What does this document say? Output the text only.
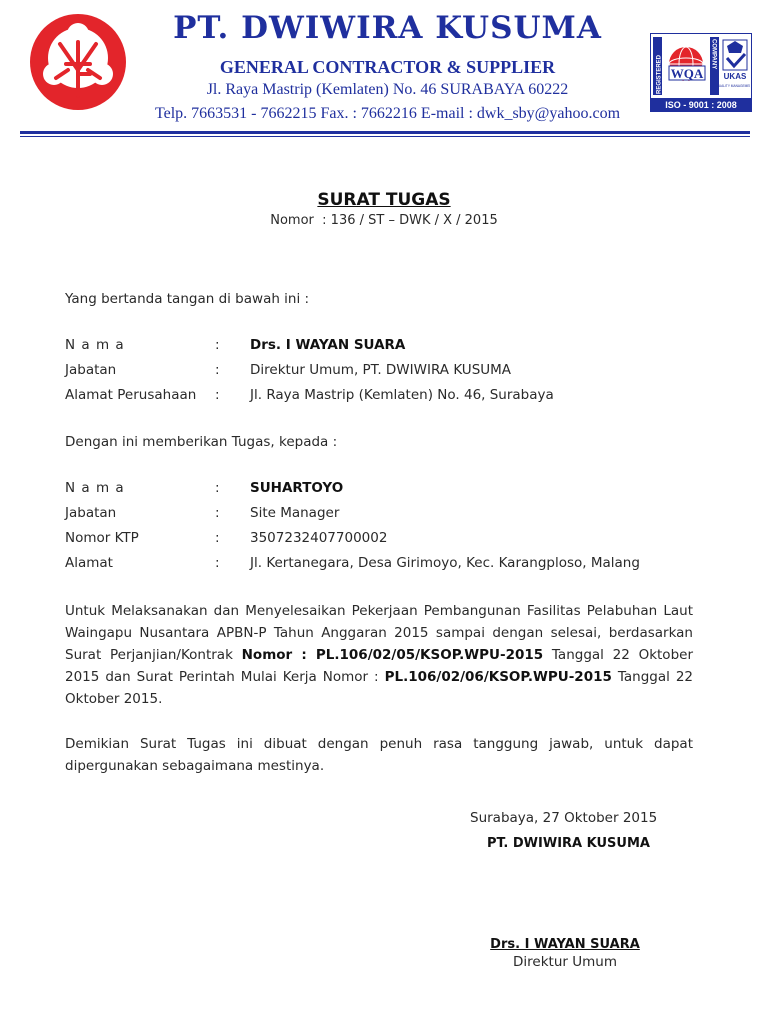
PT. DWIWIRA KUSUMA
GENERAL CONTRACTOR & SUPPLIER
Jl. Raya Mastrip (Kemlaten) No. 46 SURABAYA 60222
Telp. 7663531 - 7662215 Fax. : 7662216 E-mail : dwk_sby@yahoo.com
WQA	UKAS
QUALITY MANAGEMENT
REGISTERED
COMPANY
ISO - 9001 : 2008
SURAT TUGAS
Nomor  : 136 / ST – DWK / X / 2015
Yang bertanda tangan di bawah ini :
N a m a	: Drs. I WAYAN SUARA
Jabatan	: Direktur Umum, PT. DWIWIRA KUSUMA
Alamat Perusahaan : Jl. Raya Mastrip (Kemlaten) No. 46, Surabaya
Dengan ini memberikan Tugas, kepada :
N a m a	: SUHARTOYO
Jabatan	: Site Manager
Nomor KTP	: 3507232407700002
Alamat	: Jl. Kertanegara, Desa Girimoyo, Kec. Karangploso, Malang
Untuk Melaksanakan dan Menyelesaikan Pekerjaan Pembangunan Fasilitas Pelabuhan Laut Waingapu Nusantara APBN-P Tahun Anggaran 2015 sampai dengan selesai, berdasarkan Surat Perjanjian/Kontrak Nomor : PL.106/02/05/KSOP.WPU-2015 Tanggal 22 Oktober 2015 dan Surat Perintah Mulai Kerja Nomor : PL.106/02/06/KSOP.WPU-2015 Tanggal 22 Oktober 2015.
Demikian Surat Tugas ini dibuat dengan penuh rasa tanggung jawab, untuk dapat dipergunakan sebagaimana mestinya.
Surabaya, 27 Oktober 2015
PT. DWIWIRA KUSUMA
Drs. I WAYAN SUARA
Direktur Umum
